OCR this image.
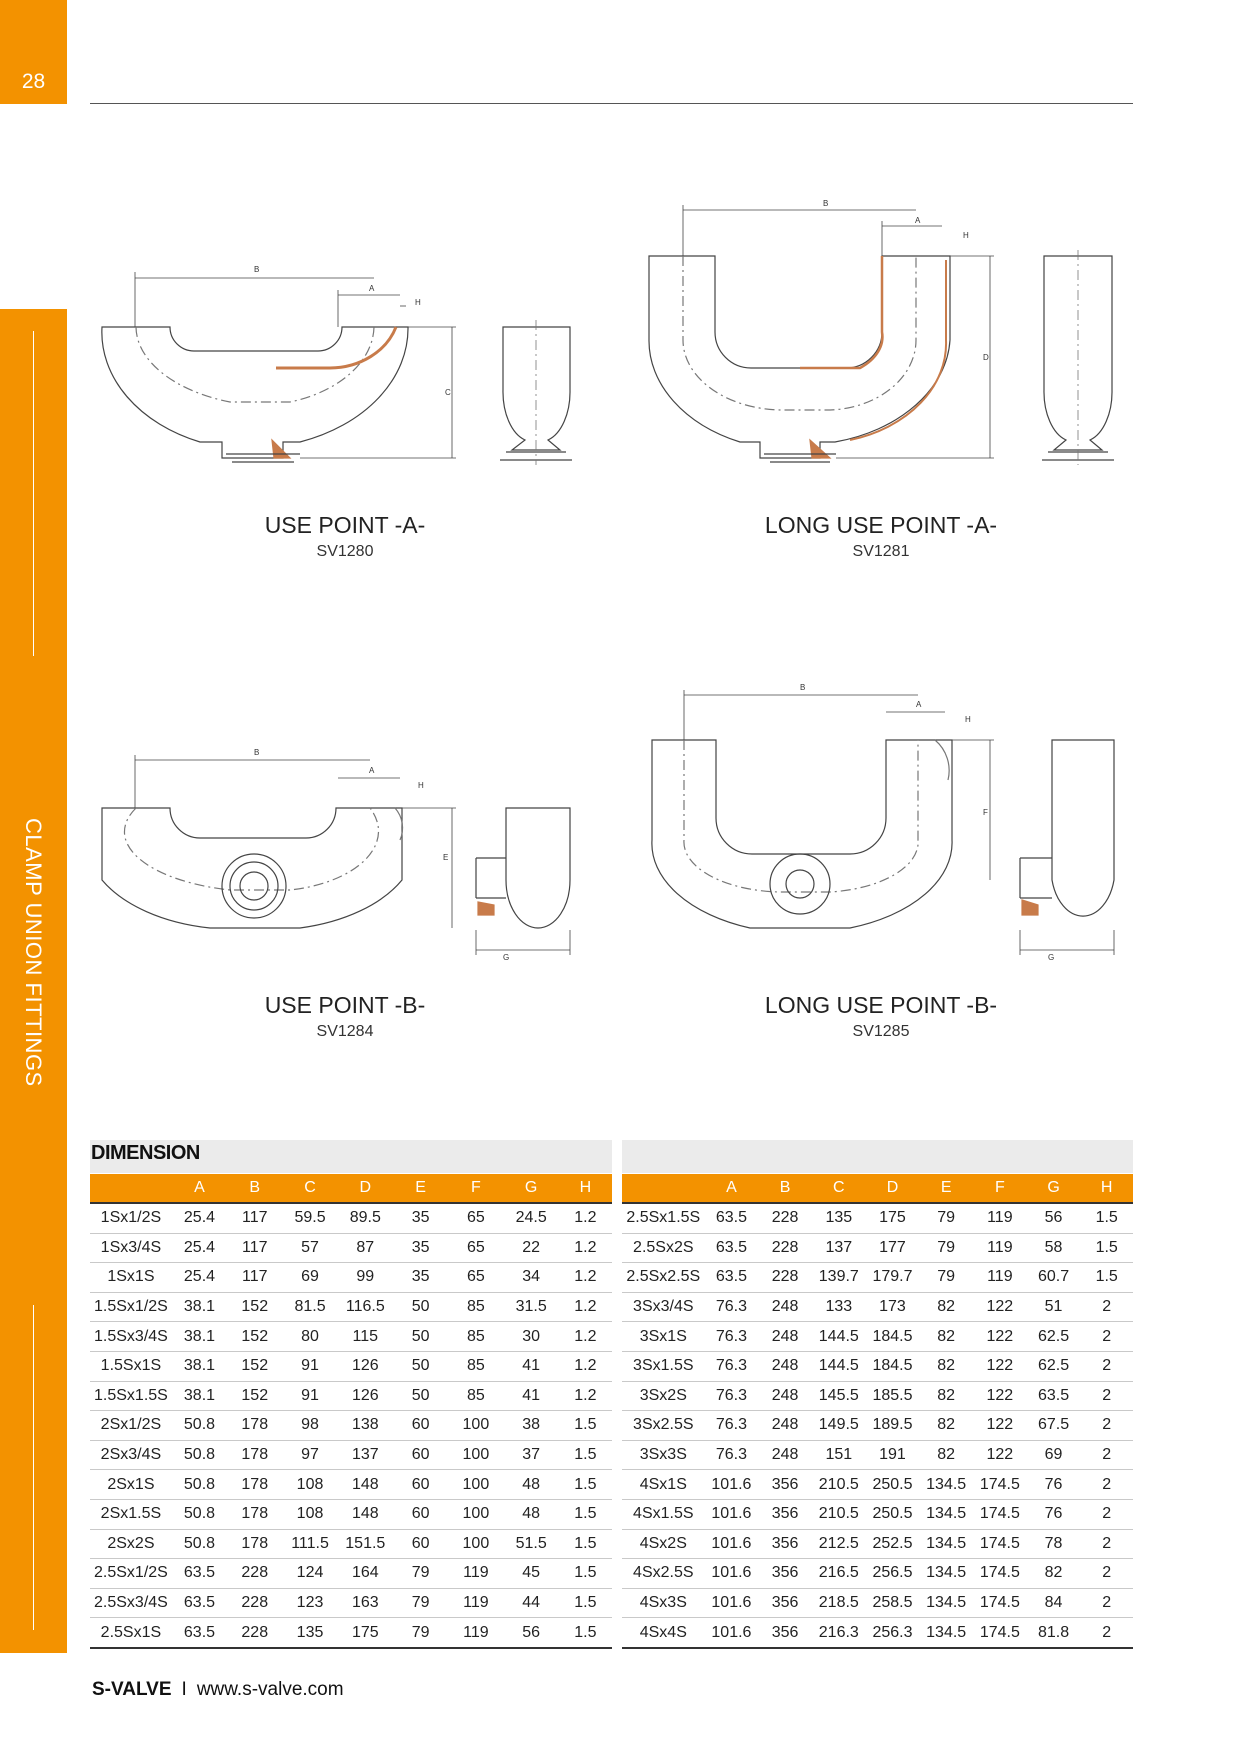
28
CLAMP UNION FITTINGS
B
A
H
C
B
A
H
D
B
A
H
E
G
B
A
H
F
G
USE POINT -A-
SV1280
LONG USE POINT -A-
SV1281
USE POINT -B-
SV1284
LONG USE POINT -B-
SV1285
DIMENSION
	A	B	C	D	E	F	G	H
1Sx1/2S	25.4	117	59.5	89.5	35	65	24.5	1.2
1Sx3/4S	25.4	117	57	87	35	65	22	1.2
1Sx1S	25.4	117	69	99	35	65	34	1.2
1.5Sx1/2S	38.1	152	81.5	116.5	50	85	31.5	1.2
1.5Sx3/4S	38.1	152	80	115	50	85	30	1.2
1.5Sx1S	38.1	152	91	126	50	85	41	1.2
1.5Sx1.5S	38.1	152	91	126	50	85	41	1.2
2Sx1/2S	50.8	178	98	138	60	100	38	1.5
2Sx3/4S	50.8	178	97	137	60	100	37	1.5
2Sx1S	50.8	178	108	148	60	100	48	1.5
2Sx1.5S	50.8	178	108	148	60	100	48	1.5
2Sx2S	50.8	178	111.5	151.5	60	100	51.5	1.5
2.5Sx1/2S	63.5	228	124	164	79	119	45	1.5
2.5Sx3/4S	63.5	228	123	163	79	119	44	1.5
2.5Sx1S	63.5	228	135	175	79	119	56	1.5
	A	B	C	D	E	F	G	H
2.5Sx1.5S	63.5	228	135	175	79	119	56	1.5
2.5Sx2S	63.5	228	137	177	79	119	58	1.5
2.5Sx2.5S	63.5	228	139.7	179.7	79	119	60.7	1.5
3Sx3/4S	76.3	248	133	173	82	122	51	2
3Sx1S	76.3	248	144.5	184.5	82	122	62.5	2
3Sx1.5S	76.3	248	144.5	184.5	82	122	62.5	2
3Sx2S	76.3	248	145.5	185.5	82	122	63.5	2
3Sx2.5S	76.3	248	149.5	189.5	82	122	67.5	2
3Sx3S	76.3	248	151	191	82	122	69	2
4Sx1S	101.6	356	210.5	250.5	134.5	174.5	76	2
4Sx1.5S	101.6	356	210.5	250.5	134.5	174.5	76	2
4Sx2S	101.6	356	212.5	252.5	134.5	174.5	78	2
4Sx2.5S	101.6	356	216.5	256.5	134.5	174.5	82	2
4Sx3S	101.6	356	218.5	258.5	134.5	174.5	84	2
4Sx4S	101.6	356	216.3	256.3	134.5	174.5	81.8	2
S-VALVE I www.s-valve.com
